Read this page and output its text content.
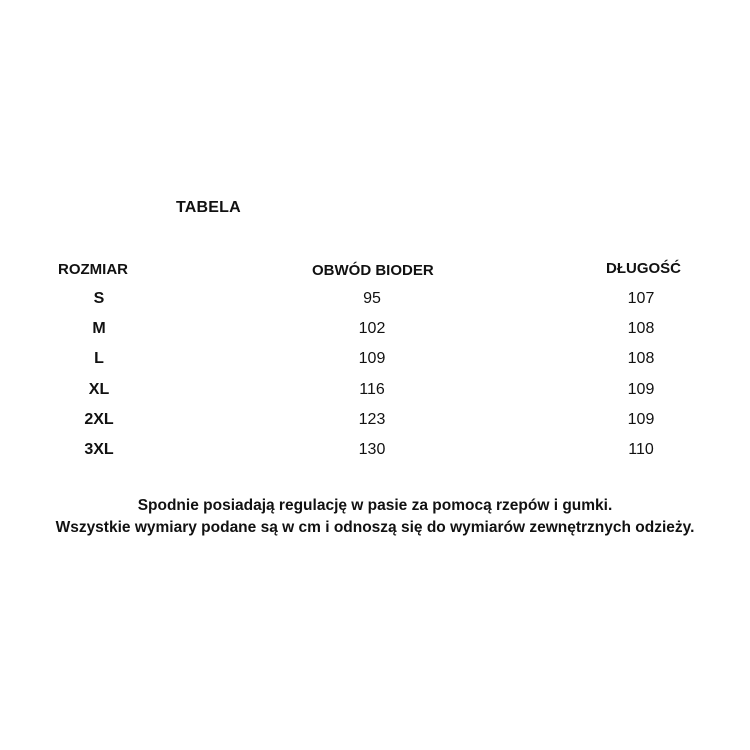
TABELA
ROZMIAR	OBWÓD BIODER	DŁUGOŚĆ
S	95	107
M	102	108
L	109	108
XL	116	109
2XL	123	109
3XL	130	110
Spodnie posiadają regulację w pasie za pomocą rzepów i gumki.
Wszystkie wymiary podane są w cm i odnoszą się do wymiarów zewnętrznych odzieży.
